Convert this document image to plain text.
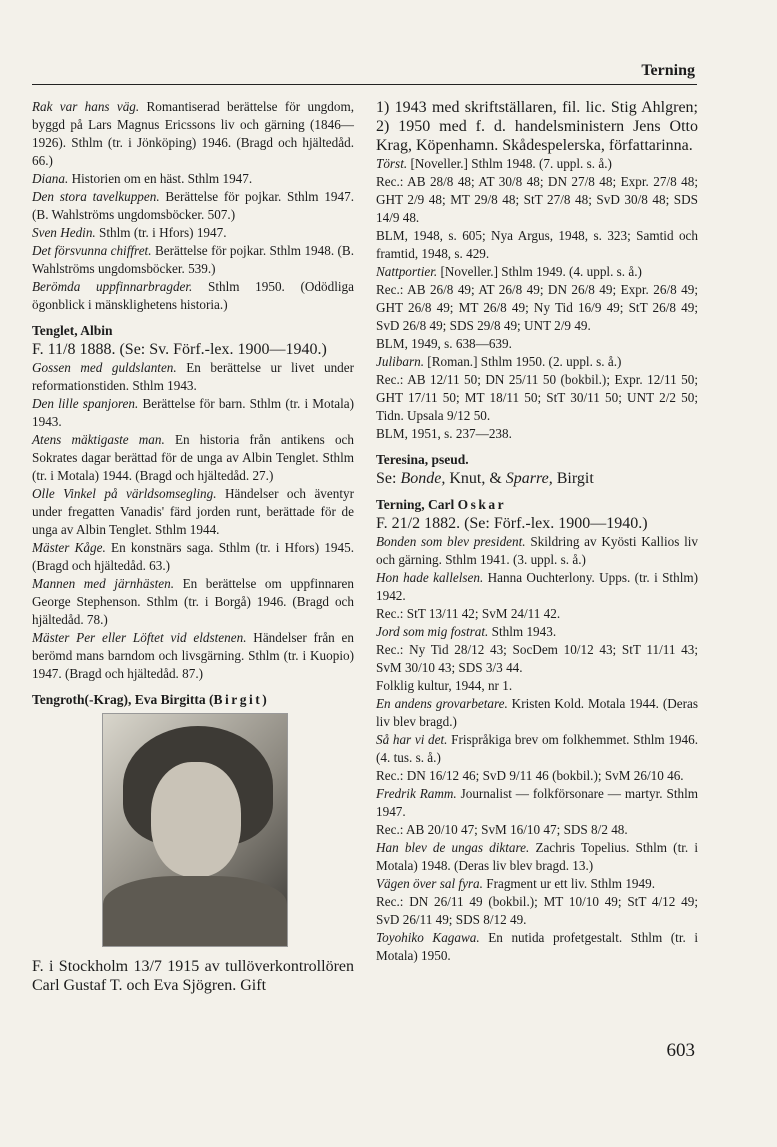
Terning

Rak var hans väg. Romantiserad berättelse för ungdom, byggd på Lars Magnus Ericssons liv och gärning (1846—1926). Sthlm (tr. i Jönköping) 1946. (Bragd och hjältedåd. 66.)

Diana. Historien om en häst. Sthlm 1947.

Den stora tavelkuppen. Berättelse för pojkar. Sthlm 1947. (B. Wahlströms ungdomsböcker. 507.)

Sven Hedin. Sthlm (tr. i Hfors) 1947.

Det försvunna chiffret. Berättelse för pojkar. Sthlm 1948. (B. Wahlströms ungdomsböcker. 539.)

Berömda uppfinnarbragder. Sthlm 1950. (Odödliga ögonblick i mänsklighetens historia.)

Tenglet, Albin

F. 11/8 1888. (Se: Sv. Förf.-lex. 1900—1940.)

Gossen med guldslanten. En berättelse ur livet under reformationstiden. Sthlm 1943.

Den lille spanjoren. Berättelse för barn. Sthlm (tr. i Motala) 1943.

Atens mäktigaste man. En historia från antikens och Sokrates dagar berättad för de unga av Albin Tenglet. Sthlm (tr. i Motala) 1944. (Bragd och hjältedåd. 27.)

Olle Vinkel på världsomsegling. Händelser och äventyr under fregatten Vanadis' färd jorden runt, berättade för de unga av Albin Tenglet. Sthlm 1944.

Mäster Kåge. En konstnärs saga. Sthlm (tr. i Hfors) 1945. (Bragd och hjältedåd. 63.)

Mannen med järnhästen. En berättelse om uppfinnaren George Stephenson. Sthlm (tr. i Borgå) 1946. (Bragd och hjältedåd. 78.)

Mäster Per eller Löftet vid eldstenen. Händelser från en berömd mans barndom och livsgärning. Sthlm (tr. i Kuopio) 1947. (Bragd och hjältedåd. 87.)

Tengroth(-Krag), Eva Birgitta (Birgit)

F. i Stockholm 13/7 1915 av tullöverkontrollören Carl Gustaf T. och Eva Sjögren. Gift

1) 1943 med skriftställaren, fil. lic. Stig Ahlgren; 2) 1950 med f. d. handelsministern Jens Otto Krag, Köpenhamn. Skådespelerska, författarinna.

Törst. [Noveller.] Sthlm 1948. (7. uppl. s. å.)

Rec.: AB 28/8 48; AT 30/8 48; DN 27/8 48; Expr. 27/8 48; GHT 2/9 48; MT 29/8 48; StT 27/8 48; SvD 30/8 48; SDS 14/9 48.

BLM, 1948, s. 605; Nya Argus, 1948, s. 323; Samtid och framtid, 1948, s. 429.

Nattportier. [Noveller.] Sthlm 1949. (4. uppl. s. å.)

Rec.: AB 26/8 49; AT 26/8 49; DN 26/8 49; Expr. 26/8 49; GHT 26/8 49; MT 26/8 49; Ny Tid 16/9 49; StT 26/8 49; SvD 26/8 49; SDS 29/8 49; UNT 2/9 49.

BLM, 1949, s. 638—639.

Julibarn. [Roman.] Sthlm 1950. (2. uppl. s. å.)

Rec.: AB 12/11 50; DN 25/11 50 (bokbil.); Expr. 12/11 50; GHT 17/11 50; MT 18/11 50; StT 30/11 50; UNT 2/2 50; Tidn. Upsala 9/12 50.

BLM, 1951, s. 237—238.

Teresina, pseud.

Se: Bonde, Knut, & Sparre, Birgit

Terning, Carl Oskar

F. 21/2 1882. (Se: Förf.-lex. 1900—1940.)

Bonden som blev president. Skildring av Kyösti Kallios liv och gärning. Sthlm 1941. (3. uppl. s. å.)

Hon hade kallelsen. Hanna Ouchterlony. Upps. (tr. i Sthlm) 1942.

Rec.: StT 13/11 42; SvM 24/11 42.

Jord som mig fostrat. Sthlm 1943.

Rec.: Ny Tid 28/12 43; SocDem 10/12 43; StT 11/11 43; SvM 30/10 43; SDS 3/3 44.

Folklig kultur, 1944, nr 1.

En andens grovarbetare. Kristen Kold. Motala 1944. (Deras liv blev bragd.)

Så har vi det. Frispråkiga brev om folkhemmet. Sthlm 1946. (4. tus. s. å.)

Rec.: DN 16/12 46; SvD 9/11 46 (bokbil.); SvM 26/10 46.

Fredrik Ramm. Journalist — folkförsonare — martyr. Sthlm 1947.

Rec.: AB 20/10 47; SvM 16/10 47; SDS 8/2 48.

Han blev de ungas diktare. Zachris Topelius. Sthlm (tr. i Motala) 1948. (Deras liv blev bragd. 13.)

Vägen över sal fyra. Fragment ur ett liv. Sthlm 1949.

Rec.: DN 26/11 49 (bokbil.); MT 10/10 49; StT 4/12 49; SvD 26/11 49; SDS 8/12 49.

Toyohiko Kagawa. En nutida profetgestalt. Sthlm (tr. i Motala) 1950.

603
